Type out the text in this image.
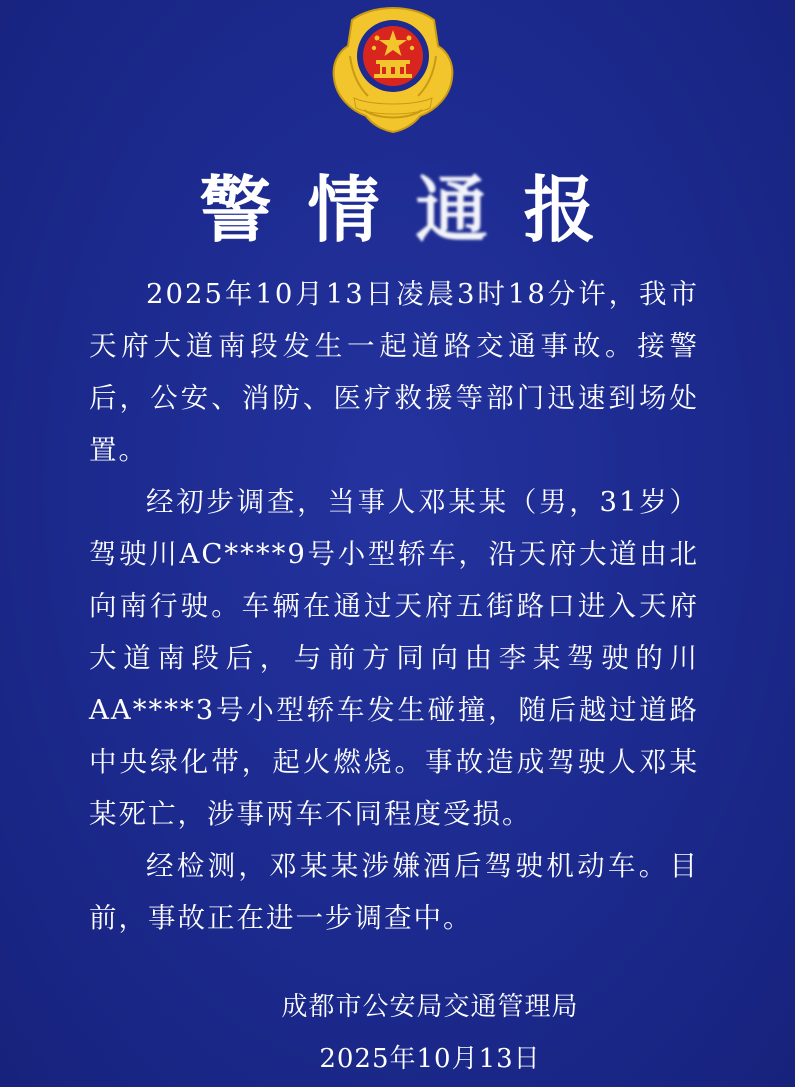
警 情 通 报

2025年10月13日凌晨3时18分许，我市天府大道南段发生一起道路交通事故。接警后，公安、消防、医疗救援等部门迅速到场处置。

经初步调查，当事人邓某某（男，31岁）驾驶川AC****9号小型轿车，沿天府大道由北向南行驶。车辆在通过天府五街路口进入天府大道南段后，与前方同向由李某驾驶的川AA****3号小型轿车发生碰撞，随后越过道路中央绿化带，起火燃烧。事故造成驾驶人邓某某死亡，涉事两车不同程度受损。

经检测，邓某某涉嫌酒后驾驶机动车。目前，事故正在进一步调查中。

成都市公安局交通管理局
2025年10月13日
